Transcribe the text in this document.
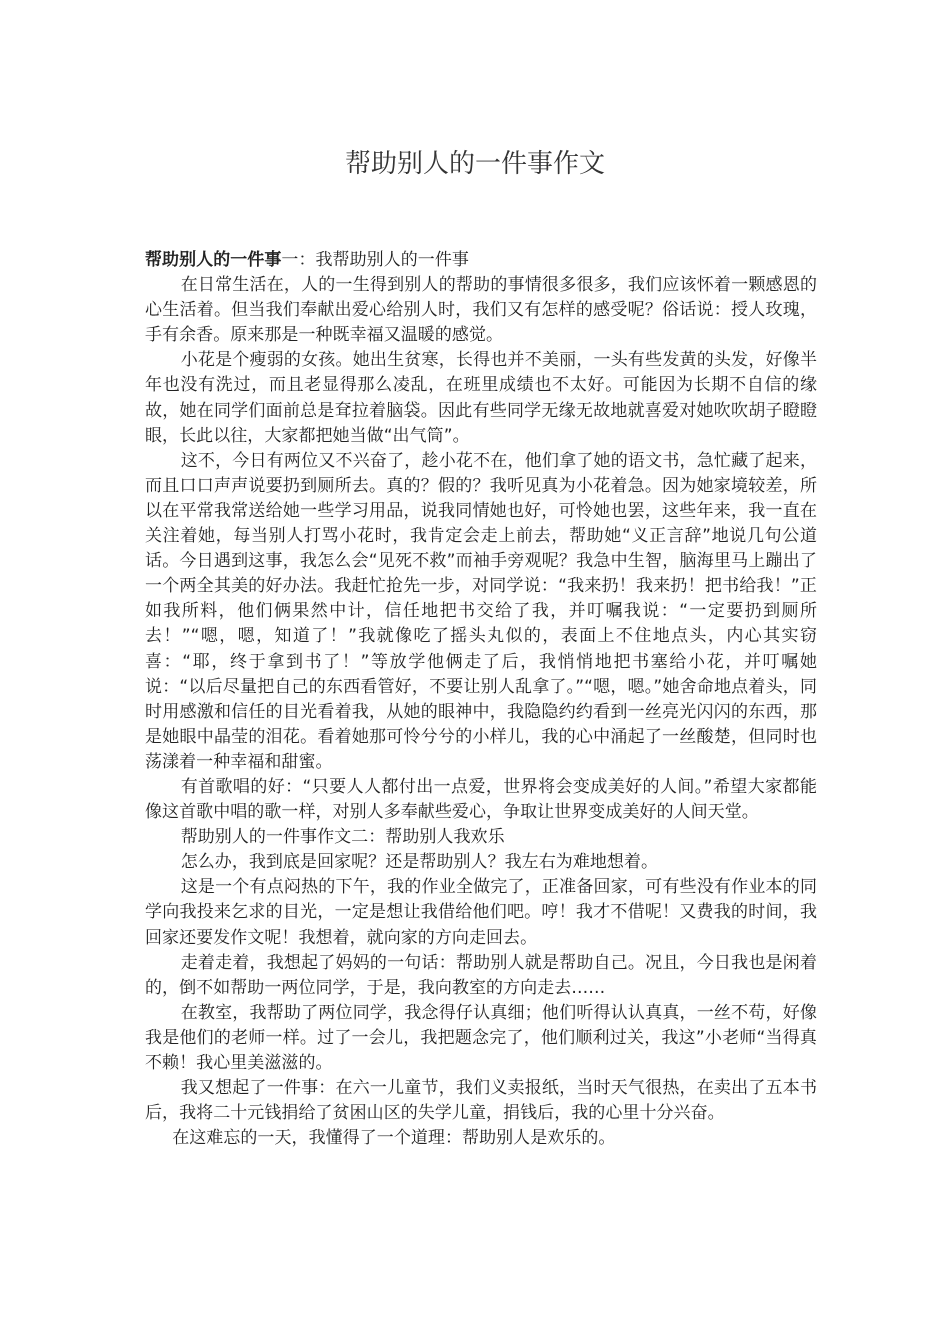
帮助别人的一件事作文

帮助别人的一件事一：我帮助别人的一件事

在日常生活在，人的一生得到别人的帮助的事情很多很多，我们应该怀着一颗感恩的心生活着。但当我们奉献出爱心给别人时，我们又有怎样的感受呢？俗话说：授人玫瑰，手有余香。原来那是一种既幸福又温暖的感觉。

小花是个瘦弱的女孩。她出生贫寒，长得也并不美丽，一头有些发黄的头发，好像半年也没有洗过，而且老显得那么凌乱，在班里成绩也不太好。可能因为长期不自信的缘故，她在同学们面前总是耷拉着脑袋。因此有些同学无缘无故地就喜爱对她吹吹胡子瞪瞪眼，长此以往，大家都把她当做“出气筒”。

这不，今日有两位又不兴奋了，趁小花不在，他们拿了她的语文书，急忙藏了起来，而且口口声声说要扔到厕所去。真的？假的？我听见真为小花着急。因为她家境较差，所以在平常我常送给她一些学习用品，说我同情她也好，可怜她也罢，这些年来，我一直在关注着她，每当别人打骂小花时，我肯定会走上前去，帮助她“义正言辞”地说几句公道话。今日遇到这事，我怎么会“见死不救”而袖手旁观呢？我急中生智，脑海里马上蹦出了一个两全其美的好办法。我赶忙抢先一步，对同学说：“我来扔！我来扔！把书给我！”正如我所料，他们俩果然中计，信任地把书交给了我，并叮嘱我说：“一定要扔到厕所去！”“嗯，嗯，知道了！”我就像吃了摇头丸似的，表面上不住地点头，内心其实窃喜：“耶，终于拿到书了！”等放学他俩走了后，我悄悄地把书塞给小花，并叮嘱她说：“以后尽量把自己的东西看管好，不要让别人乱拿了。”“嗯，嗯。”她舍命地点着头，同时用感激和信任的目光看着我，从她的眼神中，我隐隐约约看到一丝亮光闪闪的东西，那是她眼中晶莹的泪花。看着她那可怜兮兮的小样儿，我的心中涌起了一丝酸楚，但同时也荡漾着一种幸福和甜蜜。

有首歌唱的好：“只要人人都付出一点爱，世界将会变成美好的人间。”希望大家都能像这首歌中唱的歌一样，对别人多奉献些爱心，争取让世界变成美好的人间天堂。

帮助别人的一件事作文二：帮助别人我欢乐

怎么办，我到底是回家呢？还是帮助别人？我左右为难地想着。

这是一个有点闷热的下午，我的作业全做完了，正准备回家，可有些没有作业本的同学向我投来乞求的目光，一定是想让我借给他们吧。哼！我才不借呢！又费我的时间，我回家还要发作文呢！我想着，就向家的方向走回去。

走着走着，我想起了妈妈的一句话：帮助别人就是帮助自己。况且，今日我也是闲着的，倒不如帮助一两位同学，于是，我向教室的方向走去……

在教室，我帮助了两位同学，我念得仔认真细；他们听得认认真真，一丝不苟，好像我是他们的老师一样。过了一会儿，我把题念完了，他们顺利过关，我这”小老师“当得真不赖！我心里美滋滋的。

我又想起了一件事：在六一儿童节，我们义卖报纸，当时天气很热，在卖出了五本书后，我将二十元钱捐给了贫困山区的失学儿童，捐钱后，我的心里十分兴奋。

在这难忘的一天，我懂得了一个道理：帮助别人是欢乐的。
